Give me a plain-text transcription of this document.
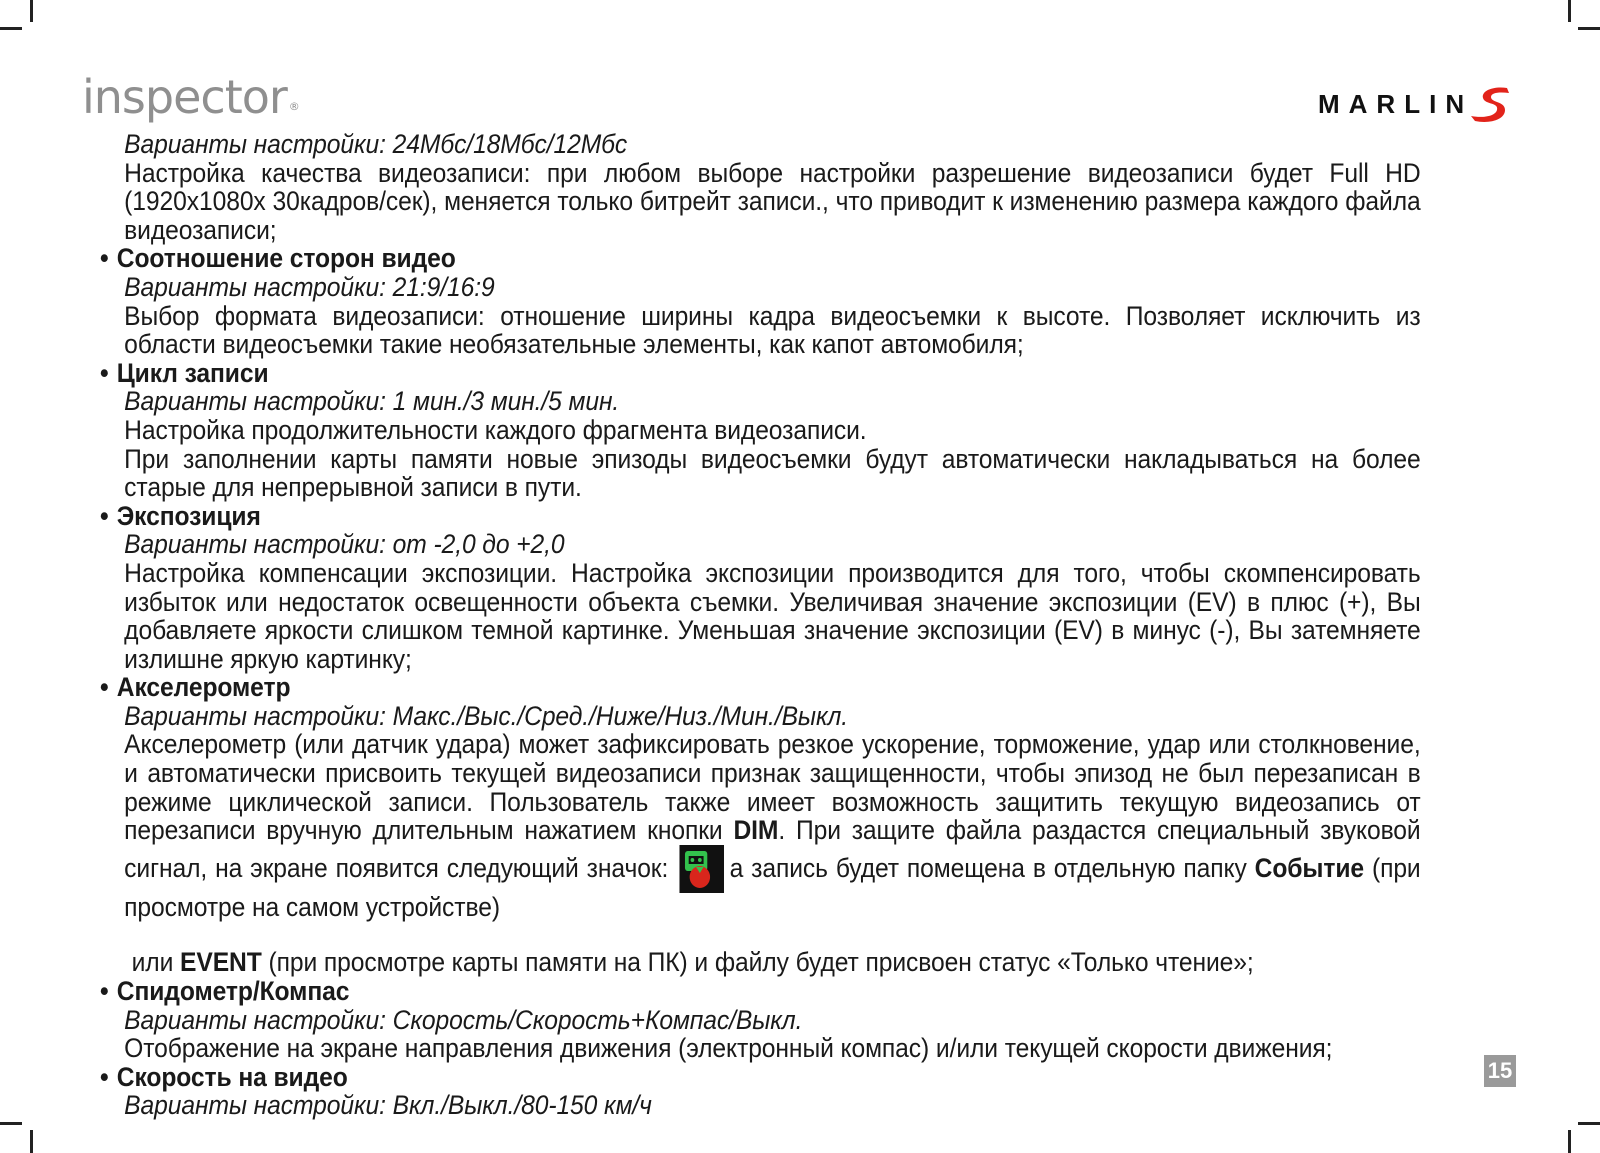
inspector ®	MARLIN

Варианты настройки: 24Мбс/18Мбс/12Мбс

Настройка качества видеозаписи: при любом выборе настройки разрешение видеозаписи будет Full HD (1920x1080x 30кадров/сек), меняется только битрейт записи., что приводит к изменению размера каждого файла видеозаписи;

• Соотношение сторон видео

Варианты настройки: 21:9/16:9

Выбор формата видеозаписи: отношение ширины кадра видеосъемки к высоте. Позволяет исключить из области видеосъемки такие необязательные элементы, как капот автомобиля;

• Цикл записи

Варианты настройки: 1 мин./3 мин./5 мин.

Настройка продолжительности каждого фрагмента видеозаписи.

При заполнении карты памяти новые эпизоды видеосъемки будут автоматически накладываться на более старые для непрерывной записи в пути.

• Экспозиция

Варианты настройки: от -2,0 до +2,0

Настройка компенсации экспозиции. Настройка экспозиции производится для того, чтобы скомпенсировать избыток или недостаток освещенности объекта съемки. Увеличивая значение экспозиции (EV) в плюс (+), Вы добавляете яркости слишком темной картинке. Уменьшая значение экспозиции (EV) в минус (-), Вы затемняете излишне яркую картинку;

• Акселерометр

Варианты настройки: Макс./Выс./Сред./Ниже/Низ./Мин./Выкл.

Акселерометр (или датчик удара) может зафиксировать резкое ускорение, торможение, удар или столкновение, и автоматически присвоить текущей видеозаписи признак защищенности, чтобы эпизод не был перезаписан в режиме циклической записи. Пользователь также имеет возможность защитить текущую видеозапись от перезаписи вручную длительным нажатием кнопки DIM. При защите файла раздастся специальный звуковой сигнал, на экране появится следующий значок: а запись будет помещена в отдельную папку Событие (при просмотре на самом устройстве)

или EVENT (при просмотре карты памяти на ПК) и файлу будет присвоен статус «Только чтение»;

• Спидометр/Компас

Варианты настройки: Скорость/Скорость+Компас/Выкл.

Отображение на экране направления движения (электронный компас) и/или текущей скорости движения;

• Скорость на видео

Варианты настройки: Вкл./Выкл./80-150 км/ч

15
